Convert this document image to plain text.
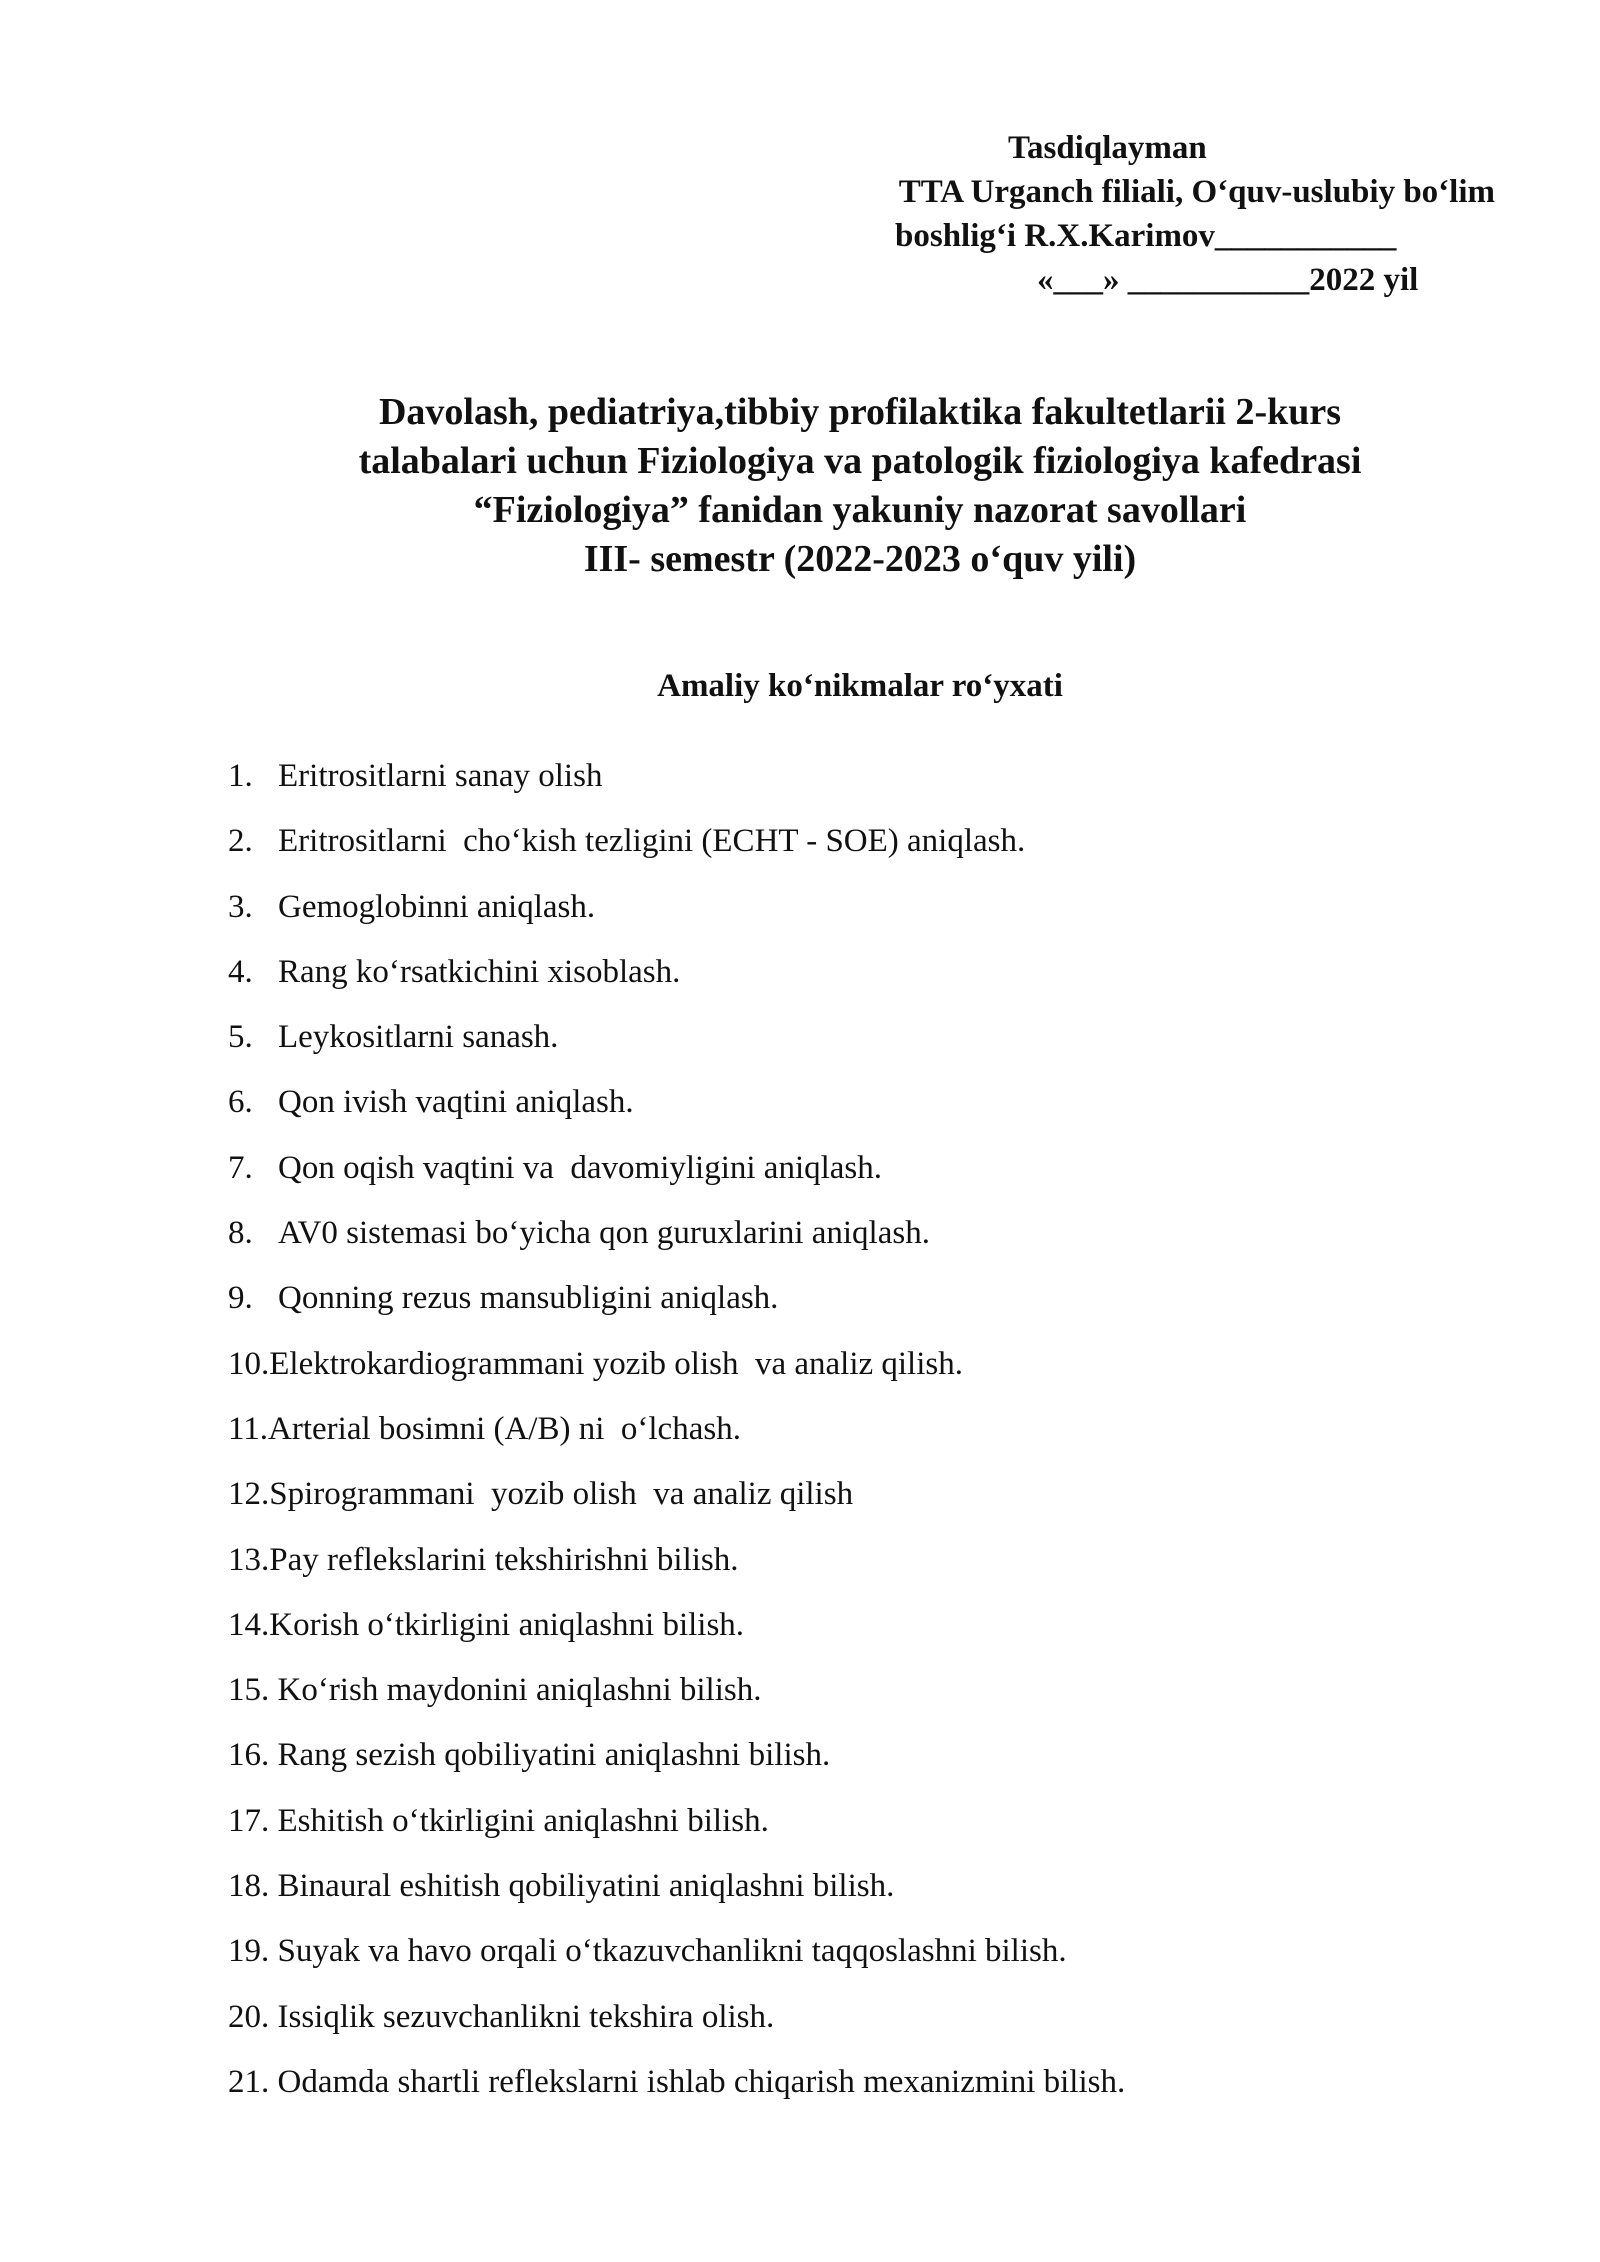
Tasdiqlayman
TTA Urganch filiali, O‘quv-uslubiy bo‘lim
boshlig‘i R.X.Karimov___________
«___» ___________2022 yil
Davolash, pediatriya,tibbiy profilaktika fakultetlarii 2-kurs
talabalari uchun Fiziologiya va patologik fiziologiya kafedrasi
“Fiziologiya” fanidan yakuniy nazorat savollari
III- semestr (2022-2023 o‘quv yili)
Amaliy ko‘nikmalar ro‘yxati
1. Eritrositlarni sanay olish
2. Eritrositlarni  cho‘kish tezligini (ECHT - SOE) aniqlash.
3. Gemoglobinni aniqlash.
4. Rang ko‘rsatkichini xisoblash.
5. Leykositlarni sanash.
6. Qon ivish vaqtini aniqlash.
7. Qon oqish vaqtini va  davomiyligini aniqlash.
8. AV0 sistemasi bo‘yicha qon guruxlarini aniqlash.
9. Qonning rezus mansubligini aniqlash.
10.Elektrokardiogrammani yozib olish  va analiz qilish.
11.Arterial bosimni (A/B) ni  o‘lchash.
12.Spirogrammani  yozib olish  va analiz qilish
13.Pay reflekslarini tekshirishni bilish.
14.Korish o‘tkirligini aniqlashni bilish.
15. Ko‘rish maydonini aniqlashni bilish.
16. Rang sezish qobiliyatini aniqlashni bilish.
17. Eshitish o‘tkirligini aniqlashni bilish.
18. Binaural eshitish qobiliyatini aniqlashni bilish.
19. Suyak va havo orqali o‘tkazuvchanlikni taqqoslashni bilish.
20. Issiqlik sezuvchanlikni tekshira olish.
21. Odamda shartli reflekslarni ishlab chiqarish mexanizmini bilish.
